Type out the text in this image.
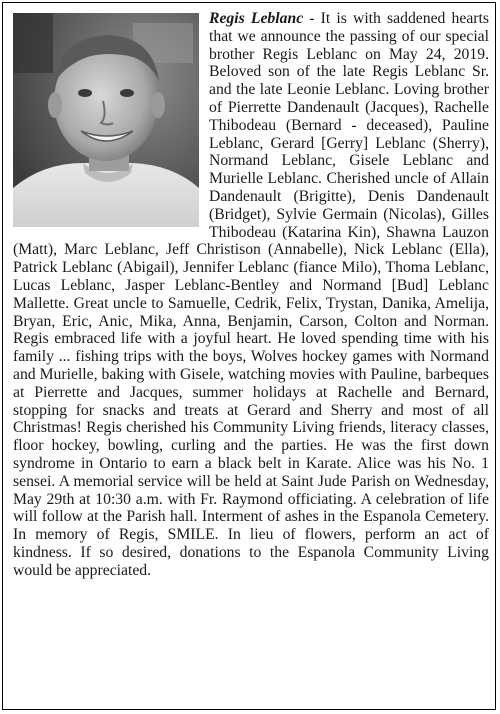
Regis Leblanc - It is with saddened hearts that we announce the passing of our special brother Regis Leblanc on May 24, 2019. Beloved son of the late Regis Leblanc Sr. and the late Leonie Leblanc. Loving brother of Pierrette Dandenault (Jacques), Rachelle Thibodeau (Bernard - deceased), Pauline Leblanc, Gerard [Gerry] Leblanc (Sherry), Normand Leblanc, Gisele Leblanc and Murielle Leblanc. Cherished uncle of Allain Dandenault (Brigitte), Denis Dandenault (Bridget), Sylvie Germain (Nicolas), Gilles Thibodeau (Katarina Kin), Shawna Lauzon (Matt), Marc Leblanc, Jeff Christison (Annabelle), Nick Leblanc (Ella), Patrick Leblanc (Abigail), Jennifer Leblanc (fiance Milo), Thoma Leblanc, Lucas Leblanc, Jasper Leblanc-Bentley and Normand [Bud] Leblanc Mallette. Great uncle to Samuelle, Cedrik, Felix, Trystan, Danika, Amelija, Bryan, Eric, Anic, Mika, Anna, Benjamin, Carson, Colton and Norman. Regis embraced life with a joyful heart. He loved spending time with his family ... fishing trips with the boys, Wolves hockey games with Normand and Murielle, baking with Gisele, watching movies with Pauline, barbeques at Pierrette and Jacques, summer holidays at Rachelle and Bernard, stopping for snacks and treats at Gerard and Sherry and most of all Christmas! Regis cherished his Community Living friends, literacy classes, floor hockey, bowling, curling and the parties. He was the first down syndrome in Ontario to earn a black belt in Karate. Alice was his No. 1 sensei. A memorial service will be held at Saint Jude Parish on Wednesday, May 29th at 10:30 a.m. with Fr. Raymond officiating. A celebration of life will follow at the Parish hall. Interment of ashes in the Espanola Cemetery. In memory of Regis, SMILE. In lieu of flowers, perform an act of kindness. If so desired, donations to the Espanola Community Living would be appreciated.
